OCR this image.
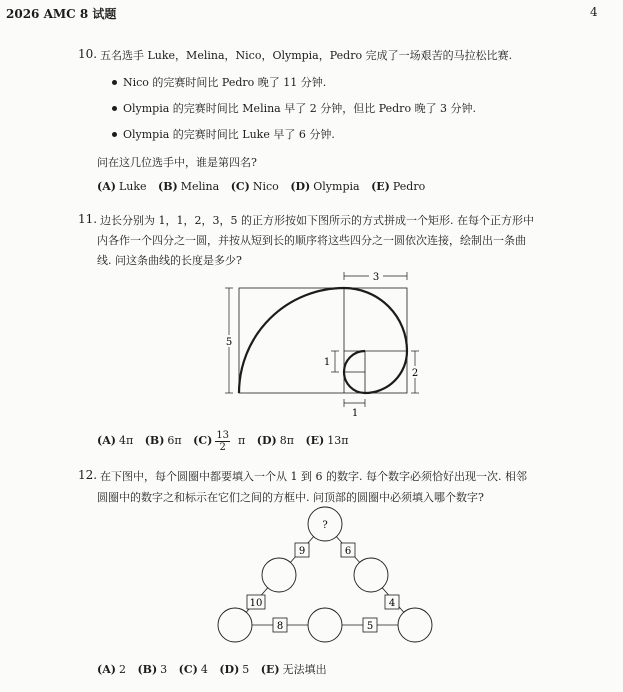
2026 AMC 8 试题	4
10. 五名选手 Luke，Melina，Nico，Olympia，Pedro 完成了一场艰苦的马拉松比赛.
Nico 的完赛时间比 Pedro 晚了 11 分钟.
Olympia 的完赛时间比 Melina 早了 2 分钟，但比 Pedro 晚了 3 分钟.
Olympia 的完赛时间比 Luke 早了 6 分钟.
问在这几位选手中，谁是第四名?
(A) Luke (B) Melina (C) Nico (D) Olympia (E) Pedro
11. 边长分别为 1，1，2，3，5 的正方形按如下图所示的方式拼成一个矩形. 在每个正方形中
内各作一个四分之一圆，并按从短到长的顺序将这些四分之一圆依次连接，绘制出一条曲
线. 问这条曲线的长度是多少?
3
5
1
2
1
(A) 4π (B) 6π $(C) \frac{13}{2}$ π (D) 8π (E) 13π
12. 在下图中，每个圆圈中都要填入一个从 1 到 6 的数字. 每个数字必须恰好出现一次. 相邻
圆圈中的数字之和标示在它们之间的方框中. 问顶部的圆圈中必须填入哪个数字?
?
9	6
10	4
8	5
(A) 2 (B) 3 (C) 4 (D) 5 (E) 无法填出
